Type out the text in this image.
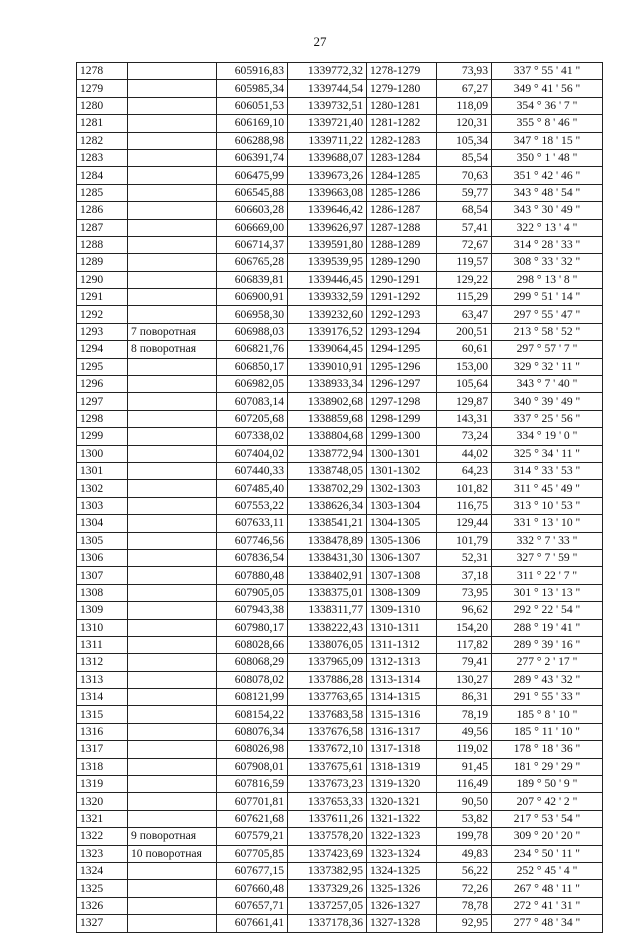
27
1278		605916,83	1339772,32	1278-1279	73,93	337 ° 55 ' 41 "
1279		605985,34	1339744,54	1279-1280	67,27	349 ° 41 ' 56 "
1280		606051,53	1339732,51	1280-1281	118,09	354 ° 36 ' 7 "
1281		606169,10	1339721,40	1281-1282	120,31	355 ° 8 ' 46 "
1282		606288,98	1339711,22	1282-1283	105,34	347 ° 18 ' 15 "
1283		606391,74	1339688,07	1283-1284	85,54	350 ° 1 ' 48 "
1284		606475,99	1339673,26	1284-1285	70,63	351 ° 42 ' 46 "
1285		606545,88	1339663,08	1285-1286	59,77	343 ° 48 ' 54 "
1286		606603,28	1339646,42	1286-1287	68,54	343 ° 30 ' 49 "
1287		606669,00	1339626,97	1287-1288	57,41	322 ° 13 ' 4 "
1288		606714,37	1339591,80	1288-1289	72,67	314 ° 28 ' 33 "
1289		606765,28	1339539,95	1289-1290	119,57	308 ° 33 ' 32 "
1290		606839,81	1339446,45	1290-1291	129,22	298 ° 13 ' 8 "
1291		606900,91	1339332,59	1291-1292	115,29	299 ° 51 ' 14 "
1292		606958,30	1339232,60	1292-1293	63,47	297 ° 55 ' 47 "
1293	7 поворотная	606988,03	1339176,52	1293-1294	200,51	213 ° 58 ' 52 "
1294	8 поворотная	606821,76	1339064,45	1294-1295	60,61	297 ° 57 ' 7 "
1295		606850,17	1339010,91	1295-1296	153,00	329 ° 32 ' 11 "
1296		606982,05	1338933,34	1296-1297	105,64	343 ° 7 ' 40 "
1297		607083,14	1338902,68	1297-1298	129,87	340 ° 39 ' 49 "
1298		607205,68	1338859,68	1298-1299	143,31	337 ° 25 ' 56 "
1299		607338,02	1338804,68	1299-1300	73,24	334 ° 19 ' 0 "
1300		607404,02	1338772,94	1300-1301	44,02	325 ° 34 ' 11 "
1301		607440,33	1338748,05	1301-1302	64,23	314 ° 33 ' 53 "
1302		607485,40	1338702,29	1302-1303	101,82	311 ° 45 ' 49 "
1303		607553,22	1338626,34	1303-1304	116,75	313 ° 10 ' 53 "
1304		607633,11	1338541,21	1304-1305	129,44	331 ° 13 ' 10 "
1305		607746,56	1338478,89	1305-1306	101,79	332 ° 7 ' 33 "
1306		607836,54	1338431,30	1306-1307	52,31	327 ° 7 ' 59 "
1307		607880,48	1338402,91	1307-1308	37,18	311 ° 22 ' 7 "
1308		607905,05	1338375,01	1308-1309	73,95	301 ° 13 ' 13 "
1309		607943,38	1338311,77	1309-1310	96,62	292 ° 22 ' 54 "
1310		607980,17	1338222,43	1310-1311	154,20	288 ° 19 ' 41 "
1311		608028,66	1338076,05	1311-1312	117,82	289 ° 39 ' 16 "
1312		608068,29	1337965,09	1312-1313	79,41	277 ° 2 ' 17 "
1313		608078,02	1337886,28	1313-1314	130,27	289 ° 43 ' 32 "
1314		608121,99	1337763,65	1314-1315	86,31	291 ° 55 ' 33 "
1315		608154,22	1337683,58	1315-1316	78,19	185 ° 8 ' 10 "
1316		608076,34	1337676,58	1316-1317	49,56	185 ° 11 ' 10 "
1317		608026,98	1337672,10	1317-1318	119,02	178 ° 18 ' 36 "
1318		607908,01	1337675,61	1318-1319	91,45	181 ° 29 ' 29 "
1319		607816,59	1337673,23	1319-1320	116,49	189 ° 50 ' 9 "
1320		607701,81	1337653,33	1320-1321	90,50	207 ° 42 ' 2 "
1321		607621,68	1337611,26	1321-1322	53,82	217 ° 53 ' 54 "
1322	9 поворотная	607579,21	1337578,20	1322-1323	199,78	309 ° 20 ' 20 "
1323	10 поворотная	607705,85	1337423,69	1323-1324	49,83	234 ° 50 ' 11 "
1324		607677,15	1337382,95	1324-1325	56,22	252 ° 45 ' 4 "
1325		607660,48	1337329,26	1325-1326	72,26	267 ° 48 ' 11 "
1326		607657,71	1337257,05	1326-1327	78,78	272 ° 41 ' 31 "
1327		607661,41	1337178,36	1327-1328	92,95	277 ° 48 ' 34 "
